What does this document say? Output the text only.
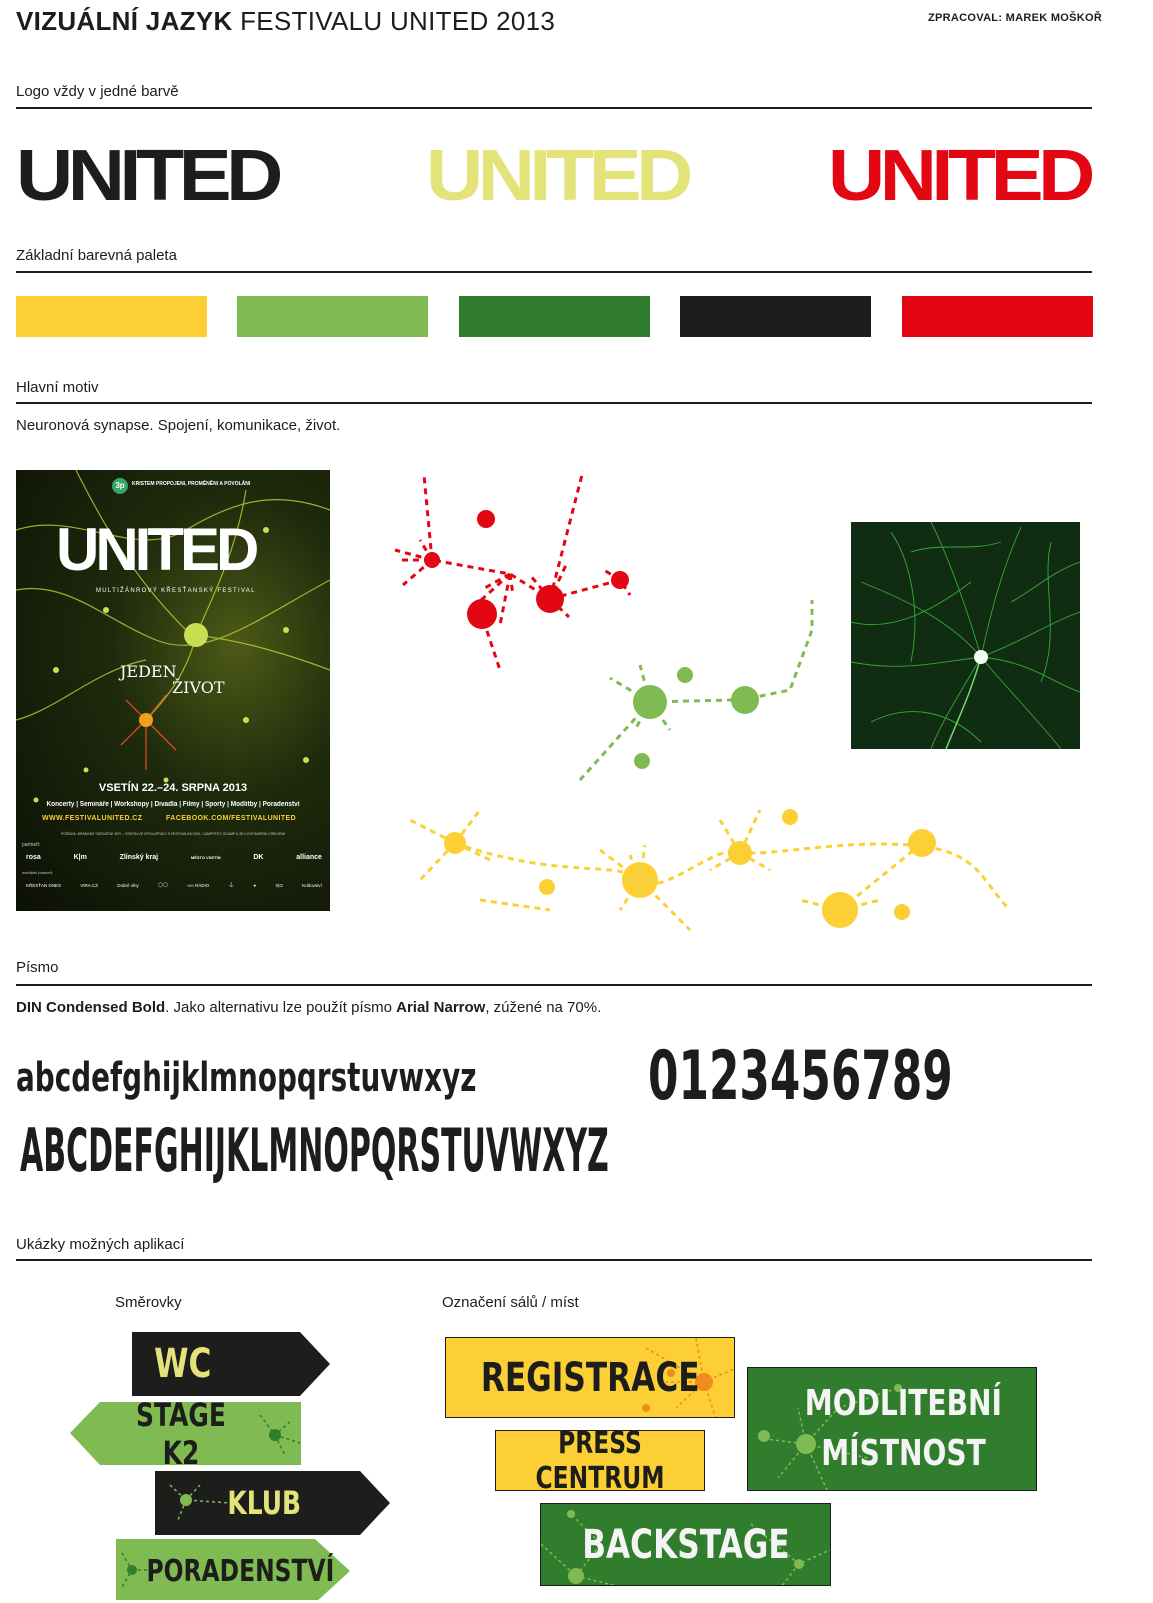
VIZUÁLNÍ JAZYK FESTIVALU UNITED 2013	ZPRACOVAL: MAREK MOŠKOŘ
Logo vždy v jedné barvě
UNITED UNITED UNITED
Základní barevná paleta
Hlavní motiv
Neuronová synapse. Spojení, komunikace, život.
3p	KRISTEM PROPOJENI, PROMĚNĚNI A POVOLÁNI
UNITED
MULTIŽÁNROVÝ KŘESŤANSKÝ FESTIVAL
JEDEN
ŽIVOT
VSETÍN 22.–24. SRPNA 2013
Koncerty | Semináře | Workshopy | Divadla | Filmy | Sporty | Modlitby | Poradenství
WWW.FESTIVALUNITED.CZ	FACEBOOK.COM/FESTIVALUNITED
POŘÁDÁ: BRÁNSKÉ SDRUŽENÍ 3KR – VSETÍN VE SPOLUPRÁCI S FESTIVALEM 3DK, CAMPFEST, SCAMP A 3E KOSTIMIERNÍ CÍRKVEMI
partneři:
rosa	K|m	Zlínský kraj	MĚSTO VSETÍN	DK	alliance
mediální partneři:
KŘESŤAN DNES	VIRA.CZ	Dobré vlny	◯◯	∞∞ RÁDIO	⚓	●	X|O	Království
Písmo
DIN Condensed Bold. Jako alternativu lze použít písmo Arial Narrow, zúžené na 70%.
abcdefghijklmnopqrstuvwxyz	0123456789
ABCDEFGHIJKLMNOPQRSTUVWXYZ
Ukázky možných aplikací
Směrovky	Označení sálů / míst
WC
STAGE K2
KLUB
PORADENSTVÍ
REGISTRACE
PRESS CENTRUM
MODLITEBNÍ
MÍSTNOST
BACKSTAGE
